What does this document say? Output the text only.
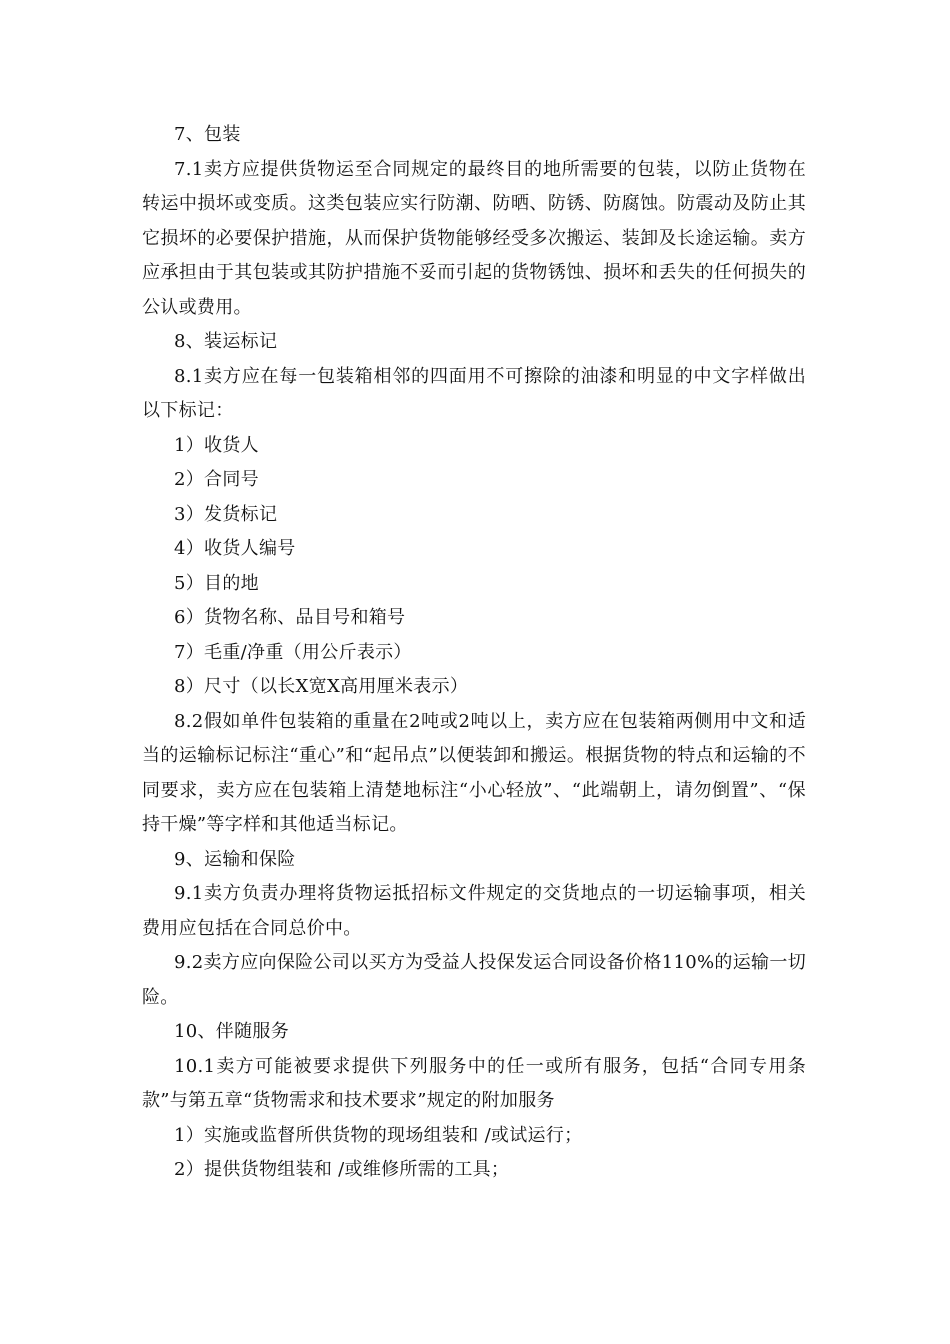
7、包装

7.1卖方应提供货物运至合同规定的最终目的地所需要的包装，以防止货物在转运中损坏或变质。这类包装应实行防潮、防晒、防锈、防腐蚀。防震动及防止其它损坏的必要保护措施，从而保护货物能够经受多次搬运、装卸及长途运输。卖方应承担由于其包装或其防护措施不妥而引起的货物锈蚀、损坏和丢失的任何损失的公认或费用。

8、装运标记

8.1卖方应在每一包装箱相邻的四面用不可擦除的油漆和明显的中文字样做出以下标记：

1）收货人

2）合同号

3）发货标记

4）收货人编号

5）目的地

6）货物名称、品目号和箱号

7）毛重/净重（用公斤表示）

8）尺寸（以长X宽X高用厘米表示）

8.2假如单件包装箱的重量在2吨或2吨以上，卖方应在包装箱两侧用中文和适当的运输标记标注“重心”和“起吊点”以便装卸和搬运。根据货物的特点和运输的不同要求，卖方应在包装箱上清楚地标注“小心轻放”、“此端朝上，请勿倒置”、“保持干燥”等字样和其他适当标记。

9、运输和保险

9.1卖方负责办理将货物运抵招标文件规定的交货地点的一切运输事项，相关费用应包括在合同总价中。

9.2卖方应向保险公司以买方为受益人投保发运合同设备价格110%的运输一切险。

10、伴随服务

10.1卖方可能被要求提供下列服务中的任一或所有服务，包括“合同专用条款”与第五章“货物需求和技术要求”规定的附加服务

1）实施或监督所供货物的现场组装和 /或试运行；

2）提供货物组装和 /或维修所需的工具；
